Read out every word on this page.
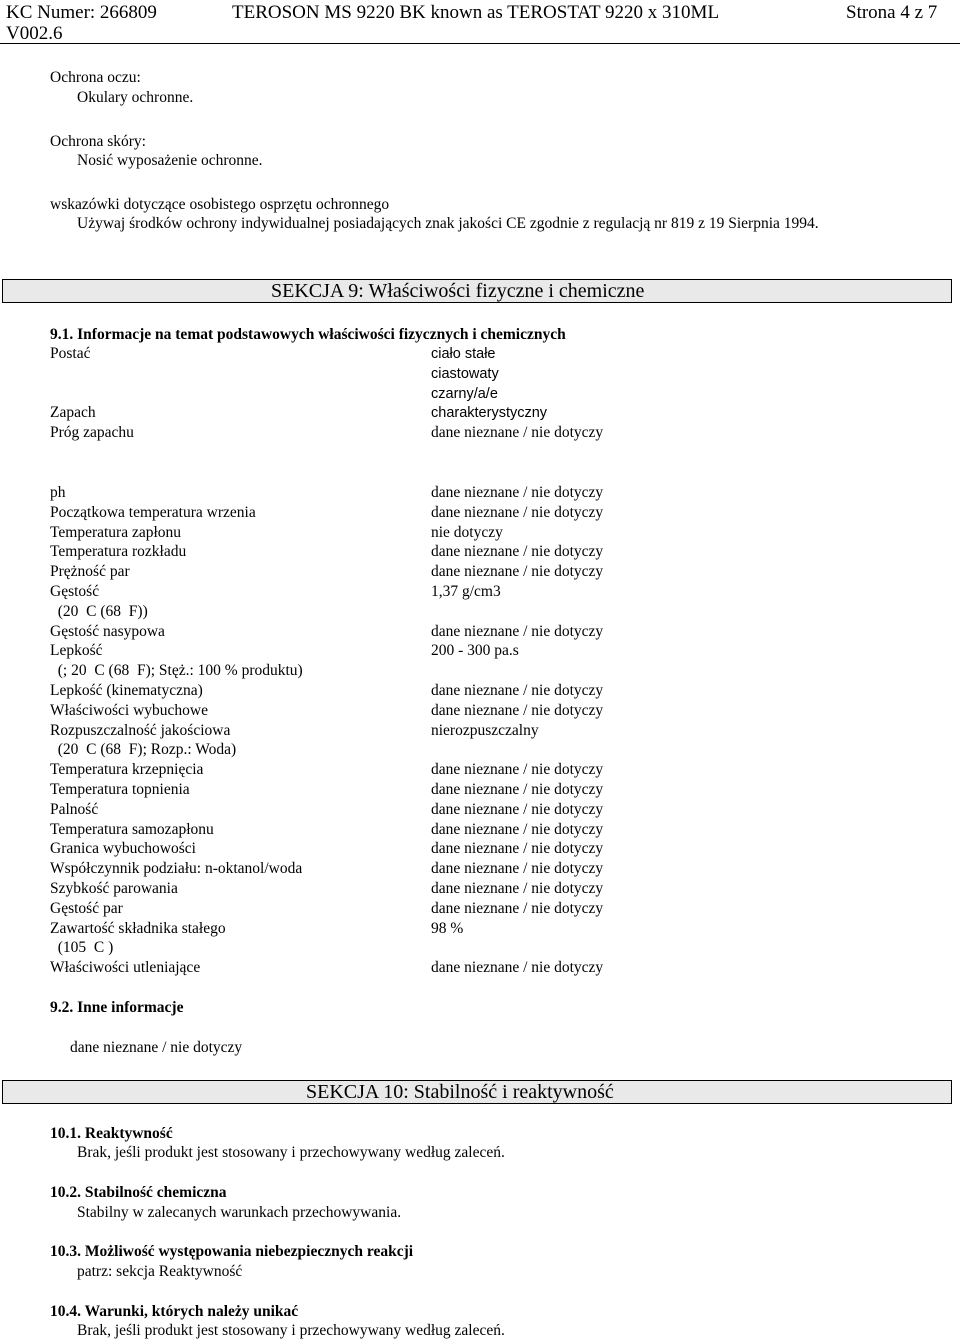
KC Numer: 266809
V002.6
TEROSON MS 9220 BK known as TEROSTAT 9220 x 310ML	Strona 4 z 7
Ochrona oczu:
Okulary ochronne.
Ochrona skóry:
Nosić wyposażenie ochronne.
wskazówki dotyczące osobistego osprzętu ochronnego
Używaj środków ochrony indywidualnej posiadających znak jakości CE zgodnie z regulacją nr 819 z 19 Sierpnia 1994.
SEKCJA 9: Właściwości fizyczne i chemiczne
9.1. Informacje na temat podstawowych właściwości fizycznych i chemicznych
Postać	ciało stałe
ciastowaty
czarny/a/e
Zapach	charakterystyczny
Próg zapachu	dane nieznane / nie dotyczy
ph	dane nieznane / nie dotyczy
Początkowa temperatura wrzenia	dane nieznane / nie dotyczy
Temperatura zapłonu	nie dotyczy
Temperatura rozkładu	dane nieznane / nie dotyczy
Prężność par	dane nieznane / nie dotyczy
Gęstość	1,37 g/cm3
(20  C (68  F))
Gęstość nasypowa	dane nieznane / nie dotyczy
Lepkość	200 - 300 pa.s
(; 20  C (68  F); Stęż.: 100 % produktu)
Lepkość (kinematyczna)	dane nieznane / nie dotyczy
Właściwości wybuchowe	dane nieznane / nie dotyczy
Rozpuszczalność jakościowa	nierozpuszczalny
(20  C (68  F); Rozp.: Woda)
Temperatura krzepnięcia	dane nieznane / nie dotyczy
Temperatura topnienia	dane nieznane / nie dotyczy
Palność	dane nieznane / nie dotyczy
Temperatura samozapłonu	dane nieznane / nie dotyczy
Granica wybuchowości	dane nieznane / nie dotyczy
Współczynnik podziału: n-oktanol/woda	dane nieznane / nie dotyczy
Szybkość parowania	dane nieznane / nie dotyczy
Gęstość par	dane nieznane / nie dotyczy
Zawartość składnika stałego	98 %
(105  C )
Właściwości utleniające	dane nieznane / nie dotyczy
9.2. Inne informacje
dane nieznane / nie dotyczy
SEKCJA 10: Stabilność i reaktywność
10.1. Reaktywność
Brak, jeśli produkt jest stosowany i przechowywany według zaleceń.
10.2. Stabilność chemiczna
Stabilny w zalecanych warunkach przechowywania.
10.3. Możliwość występowania niebezpiecznych reakcji
patrz: sekcja Reaktywność
10.4. Warunki, których należy unikać
Brak, jeśli produkt jest stosowany i przechowywany według zaleceń.
